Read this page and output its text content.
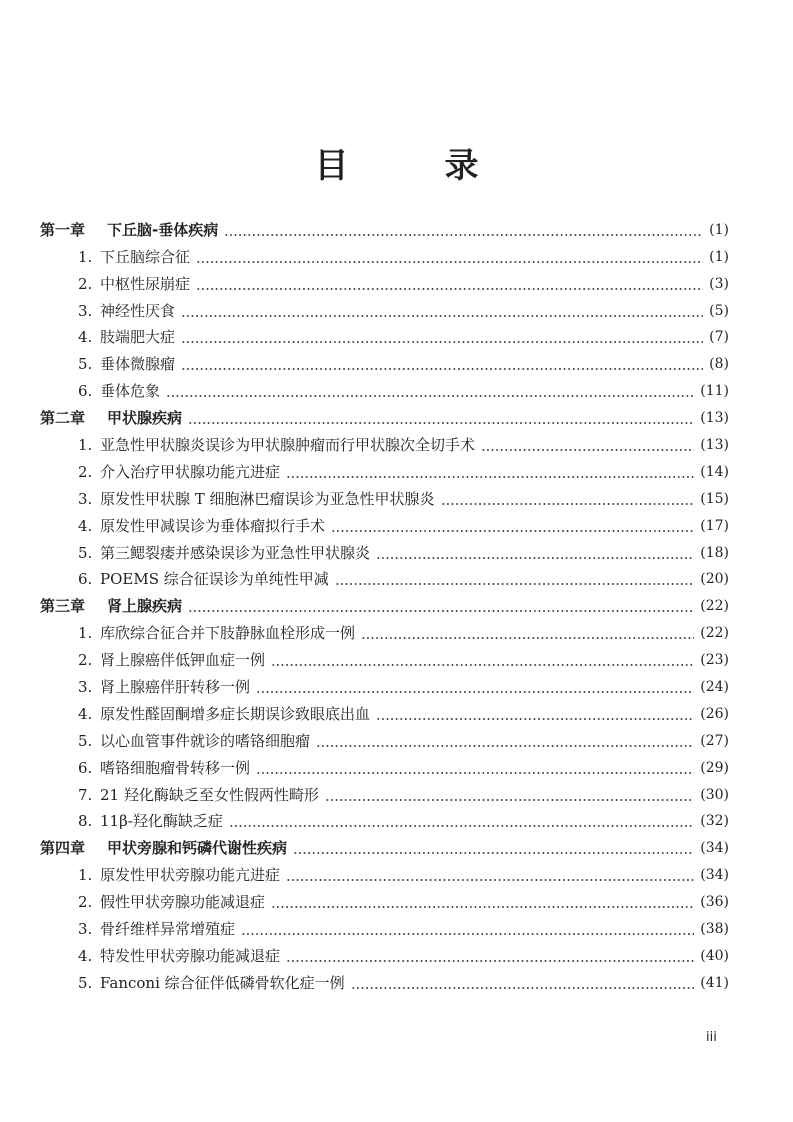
目	录
第一章 下丘脑-垂体疾病	(1)
1. 下丘脑综合征	(1)
2. 中枢性尿崩症	(3)
3. 神经性厌食	(5)
4. 肢端肥大症	(7)
5. 垂体微腺瘤	(8)
6. 垂体危象	(11)
第二章 甲状腺疾病	(13)
1. 亚急性甲状腺炎误诊为甲状腺肿瘤而行甲状腺次全切手术	(13)
2. 介入治疗甲状腺功能亢进症	(14)
3. 原发性甲状腺 T 细胞淋巴瘤误诊为亚急性甲状腺炎	(15)
4. 原发性甲减误诊为垂体瘤拟行手术	(17)
5. 第三鳃裂瘘并感染误诊为亚急性甲状腺炎	(18)
6. POEMS 综合征误诊为单纯性甲减	(20)
第三章 肾上腺疾病	(22)
1. 库欣综合征合并下肢静脉血栓形成一例	(22)
2. 肾上腺癌伴低钾血症一例	(23)
3. 肾上腺癌伴肝转移一例	(24)
4. 原发性醛固酮增多症长期误诊致眼底出血	(26)
5. 以心血管事件就诊的嗜铬细胞瘤	(27)
6. 嗜铬细胞瘤骨转移一例	(29)
7. 21 羟化酶缺乏至女性假两性畸形	(30)
8. 11β-羟化酶缺乏症	(32)
第四章 甲状旁腺和钙磷代谢性疾病	(34)
1. 原发性甲状旁腺功能亢进症	(34)
2. 假性甲状旁腺功能减退症	(36)
3. 骨纤维样异常增殖症	(38)
4. 特发性甲状旁腺功能减退症	(40)
5. Fanconi 综合征伴低磷骨软化症一例	(41)
iii
